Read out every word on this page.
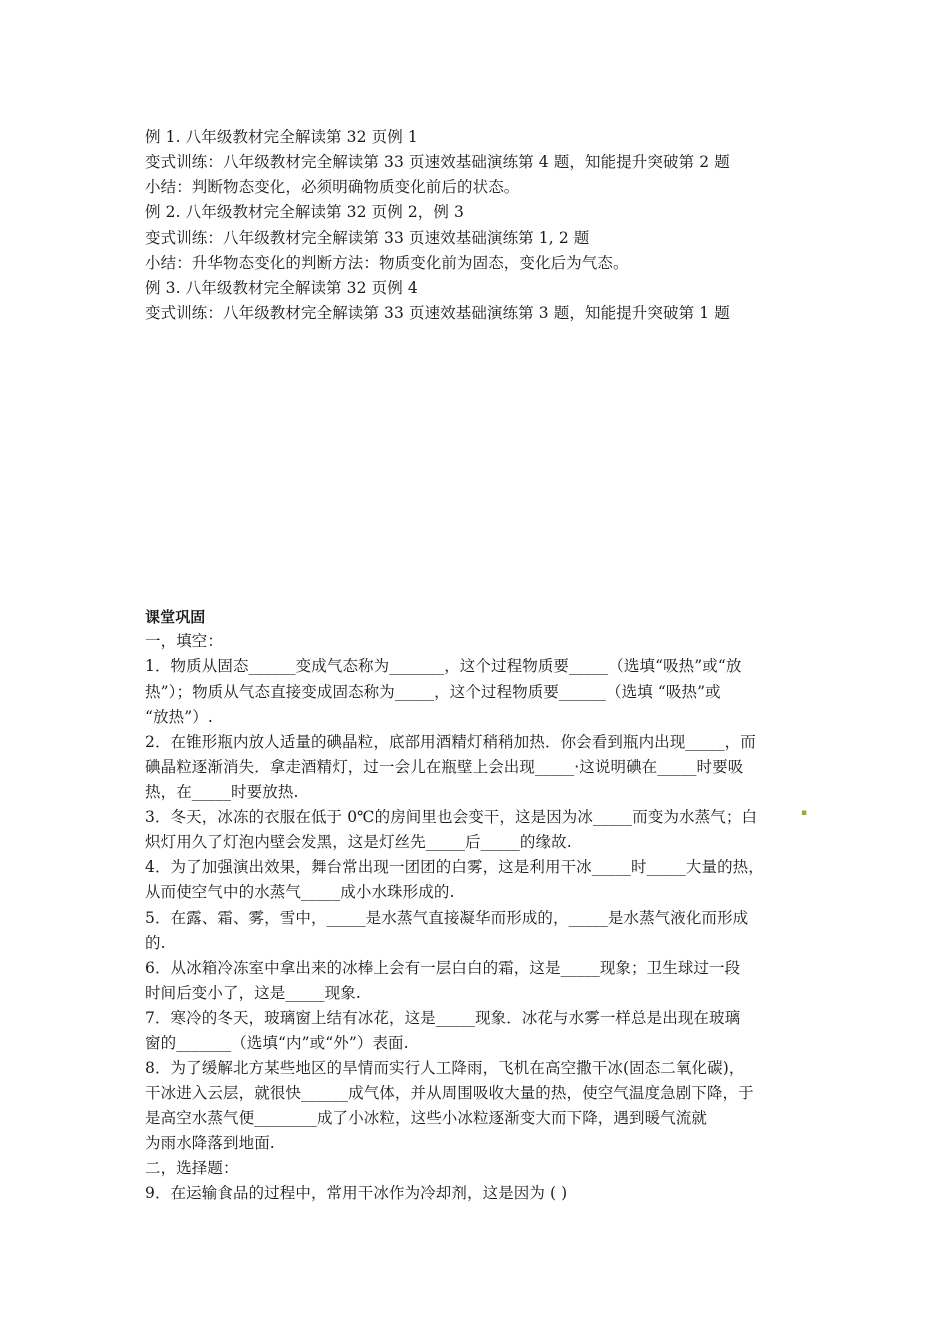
例 1. 八年级教材完全解读第 32 页例 1
变式训练：八年级教材完全解读第 33 页速效基础演练第 4 题，知能提升突破第 2 题
小结：判断物态变化，必须明确物质变化前后的状态。
例 2. 八年级教材完全解读第 32 页例 2，例 3
变式训练：八年级教材完全解读第 33 页速效基础演练第 1, 2 题
小结：升华物态变化的判断方法：物质变化前为固态，变化后为气态。
例 3. 八年级教材完全解读第 32 页例 4
变式训练：八年级教材完全解读第 33 页速效基础演练第 3 题，知能提升突破第 1 题
课堂巩固
一，填空：
1．物质从固态______变成气态称为_______，这个过程物质要_____（选填“吸热”或“放
热”）；物质从气态直接变成固态称为_____，这个过程物质要______（选填 “吸热”或
“放热”）.
2．在锥形瓶内放人适量的碘晶粒，底部用酒精灯稍稍加热．你会看到瓶内出现_____，而
碘晶粒逐渐消失．拿走酒精灯，过一会儿在瓶壁上会出现_____·这说明碘在_____时要吸
热，在_____时要放热.
3．冬天，冰冻的衣服在低于 0℃的房间里也会变干，这是因为冰_____而变为水蒸气；白	▪
炽灯用久了灯泡内壁会发黑，这是灯丝先_____后_____的缘故.
4．为了加强演出效果，舞台常出现一团团的白雾，这是利用干冰_____时_____大量的热，
从而使空气中的水蒸气_____成小水珠形成的.
5．在露、霜、雾，雪中，_____是水蒸气直接凝华而形成的，_____是水蒸气液化而形成
的.
6．从冰箱冷冻室中拿出来的冰棒上会有一层白白的霜，这是_____现象；卫生球过一段
时间后变小了，这是_____现象.
7．寒冷的冬天，玻璃窗上结有冰花，这是_____现象．冰花与水雾一样总是出现在玻璃
窗的_______（选填“内”或“外”）表面.
8．为了缓解北方某些地区的旱情而实行人工降雨，飞机在高空撒干冰(固态二氧化碳)，
干冰进入云层，就很快______成气体，并从周围吸收大量的热，使空气温度急剧下降，于
是高空水蒸气便________成了小冰粒，这些小冰粒逐渐变大而下降，遇到暖气流就
为雨水降落到地面.
二，选择题：
9．在运输食品的过程中，常用干冰作为冷却剂，这是因为 ( )
